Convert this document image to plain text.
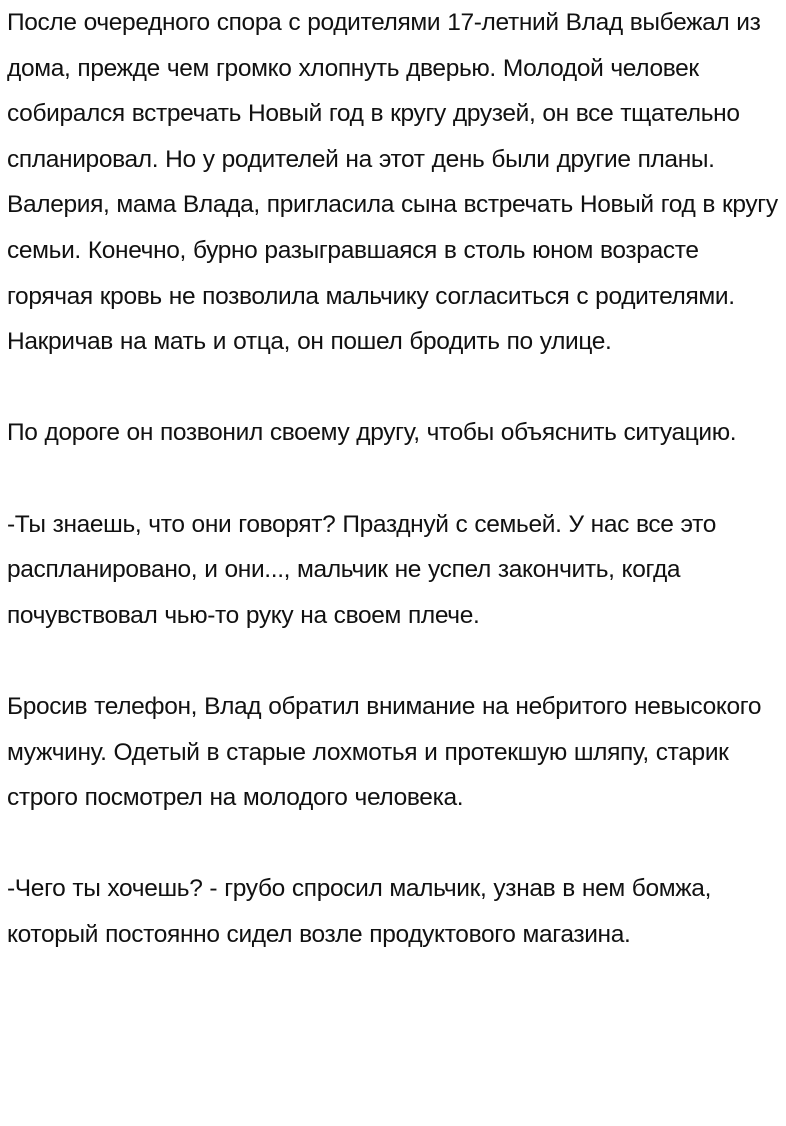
После очередного спора с родителями 17-летний Влад выбежал из дома, прежде чем громко хлопнуть дверью. Молодой человек собирался встречать Новый год в кругу друзей, он все тщательно спланировал. Но у родителей на этот день были другие планы. Валерия, мама Влада, пригласила сына встречать Новый год в кругу семьи. Конечно, бурно разыгравшаяся в столь юном возрасте горячая кровь не позволила мальчику согласиться с родителями. Накричав на мать и отца, он пошел бродить по улице.

По дороге он позвонил своему другу, чтобы объяснить ситуацию.

-Ты знаешь, что они говорят? Празднуй с семьей. У нас все это распланировано, и они..., мальчик не успел закончить, когда почувствовал чью-то руку на своем плече.

Бросив телефон, Влад обратил внимание на небритого невысокого мужчину. Одетый в старые лохмотья и протекшую шляпу, старик строго посмотрел на молодого человека.

-Чего ты хочешь? - грубо спросил мальчик, узнав в нем бомжа, который постоянно сидел возле продуктового магазина.
